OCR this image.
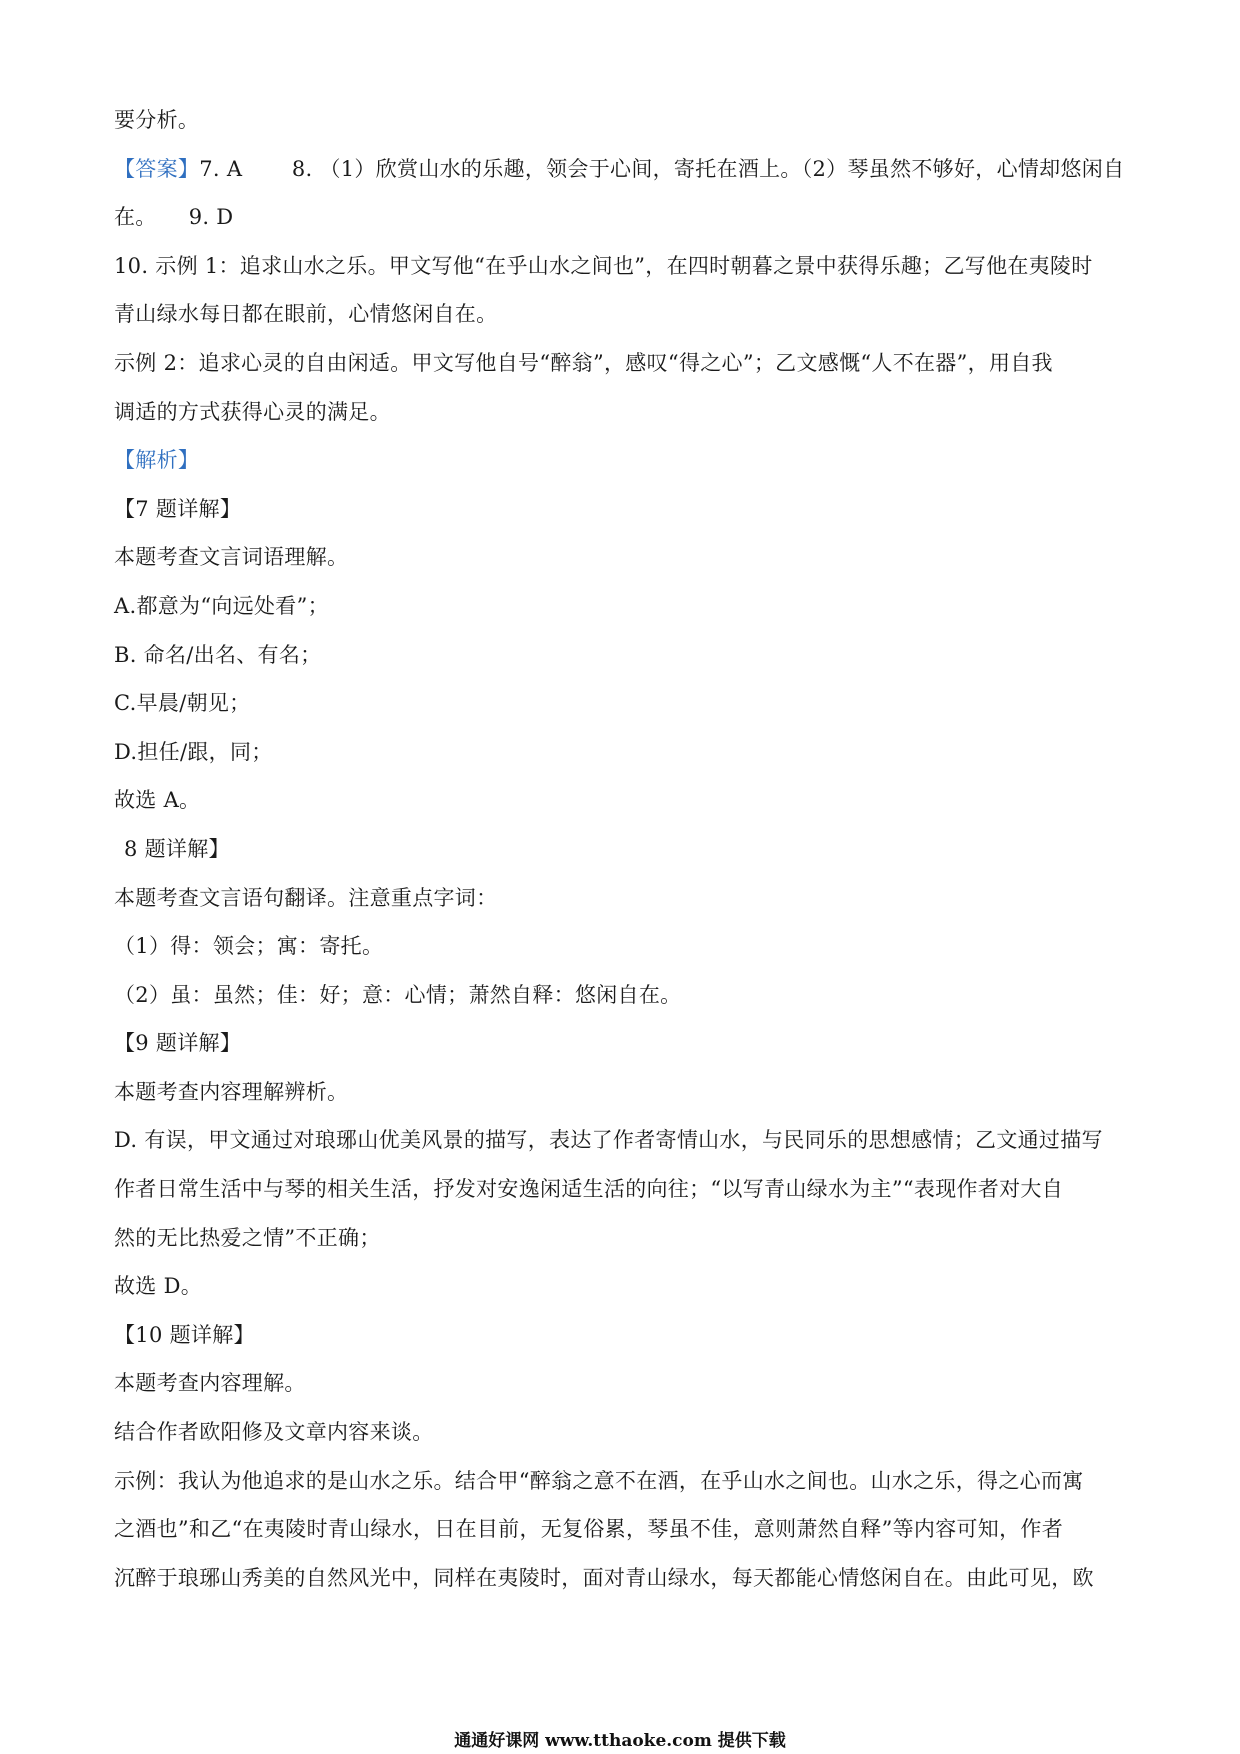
要分析。
【答案】7. A　　 8. （1）欣赏山水的乐趣，领会于心间，寄托在酒上。（2）琴虽然不够好，心情却悠闲自
在。　　9. D
10. 示例 1：追求山水之乐。甲文写他“在乎山水之间也”，在四时朝暮之景中获得乐趣；乙写他在夷陵时
青山绿水每日都在眼前，心情悠闲自在。
示例 2：追求心灵的自由闲适。甲文写他自号“醉翁”，感叹“得之心”；乙文感慨“人不在器”，用自我
调适的方式获得心灵的满足。
【解析】
【7 题详解】
本题考查文言词语理解。
A.都意为“向远处看”；
B. 命名/出名、有名；
C.早晨/朝见；
D.担任/跟，同；
故选 A。
8 题详解】
本题考查文言语句翻译。注意重点字词：
（1）得：领会；寓：寄托。
（2）虽：虽然；佳：好；意：心情；萧然自释：悠闲自在。
【9 题详解】
本题考查内容理解辨析。
D. 有误，甲文通过对琅琊山优美风景的描写，表达了作者寄情山水，与民同乐的思想感情；乙文通过描写
作者日常生活中与琴的相关生活，抒发对安逸闲适生活的向往；“以写青山绿水为主”“表现作者对大自
然的无比热爱之情”不正确；
故选 D。
【10 题详解】
本题考查内容理解。
结合作者欧阳修及文章内容来谈。
示例：我认为他追求的是山水之乐。结合甲“醉翁之意不在酒，在乎山水之间也。山水之乐，得之心而寓
之酒也”和乙“在夷陵时青山绿水，日在目前，无复俗累，琴虽不佳，意则萧然自释”等内容可知，作者
沉醉于琅琊山秀美的自然风光中，同样在夷陵时，面对青山绿水，每天都能心情悠闲自在。由此可见，欧
通通好课网 www.tthaoke.com 提供下载
